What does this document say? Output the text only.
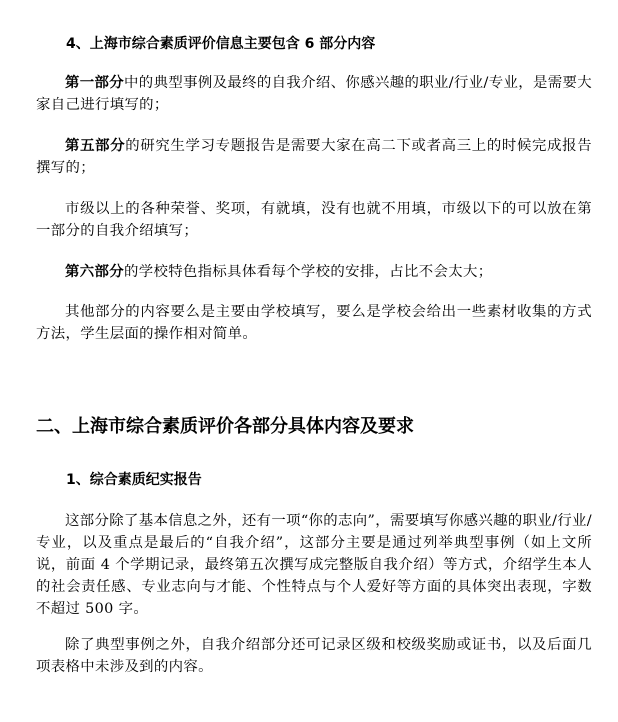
4、上海市综合素质评价信息主要包含 6 部分内容
第一部分中的典型事例及最终的自我介绍、你感兴趣的职业/行业/专业，是需要大家自己进行填写的；
第五部分的研究生学习专题报告是需要大家在高二下或者高三上的时候完成报告撰写的；
市级以上的各种荣誉、奖项，有就填，没有也就不用填，市级以下的可以放在第一部分的自我介绍填写；
第六部分的学校特色指标具体看每个学校的安排，占比不会太大；
其他部分的内容要么是主要由学校填写，要么是学校会给出一些素材收集的方式方法，学生层面的操作相对简单。
二、上海市综合素质评价各部分具体内容及要求
1、综合素质纪实报告
这部分除了基本信息之外，还有一项“你的志向”，需要填写你感兴趣的职业/行业/专业，以及重点是最后的“自我介绍”，这部分主要是通过列举典型事例（如上文所说，前面 4 个学期记录，最终第五次撰写成完整版自我介绍）等方式，介绍学生本人的社会责任感、专业志向与才能、个性特点与个人爱好等方面的具体突出表现，字数不超过 500 字。
除了典型事例之外，自我介绍部分还可记录区级和校级奖励或证书，以及后面几项表格中未涉及到的内容。
